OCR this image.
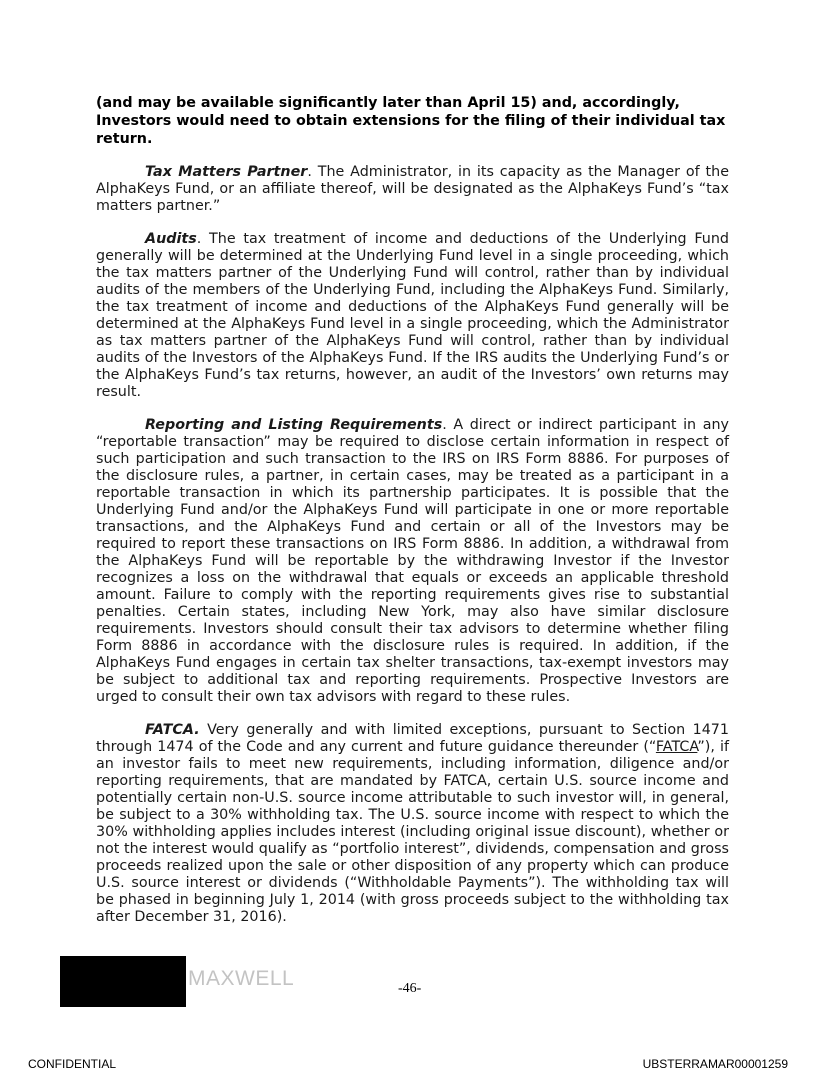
(and may be available significantly later than April 15) and, accordingly, Investors would need to obtain extensions for the filing of their individual tax return.

Tax Matters Partner. The Administrator, in its capacity as the Manager of the AlphaKeys Fund, or an affiliate thereof, will be designated as the AlphaKeys Fund’s “tax matters partner.”

Audits. The tax treatment of income and deductions of the Underlying Fund generally will be determined at the Underlying Fund level in a single proceeding, which the tax matters partner of the Underlying Fund will control, rather than by individual audits of the members of the Underlying Fund, including the AlphaKeys Fund. Similarly, the tax treatment of income and deductions of the AlphaKeys Fund generally will be determined at the AlphaKeys Fund level in a single proceeding, which the Administrator as tax matters partner of the AlphaKeys Fund will control, rather than by individual audits of the Investors of the AlphaKeys Fund. If the IRS audits the Underlying Fund’s or the AlphaKeys Fund’s tax returns, however, an audit of the Investors’ own returns may result.

Reporting and Listing Requirements. A direct or indirect participant in any “reportable transaction” may be required to disclose certain information in respect of such participation and such transaction to the IRS on IRS Form 8886. For purposes of the disclosure rules, a partner, in certain cases, may be treated as a participant in a reportable transaction in which its partnership participates. It is possible that the Underlying Fund and/or the AlphaKeys Fund will participate in one or more reportable transactions, and the AlphaKeys Fund and certain or all of the Investors may be required to report these transactions on IRS Form 8886. In addition, a withdrawal from the AlphaKeys Fund will be reportable by the withdrawing Investor if the Investor recognizes a loss on the withdrawal that equals or exceeds an applicable threshold amount. Failure to comply with the reporting requirements gives rise to substantial penalties. Certain states, including New York, may also have similar disclosure requirements. Investors should consult their tax advisors to determine whether filing Form 8886 in accordance with the disclosure rules is required. In addition, if the AlphaKeys Fund engages in certain tax shelter transactions, tax-exempt investors may be subject to additional tax and reporting requirements. Prospective Investors are urged to consult their own tax advisors with regard to these rules.

FATCA. Very generally and with limited exceptions, pursuant to Section 1471 through 1474 of the Code and any current and future guidance thereunder (“FATCA”), if an investor fails to meet new requirements, including information, diligence and/or reporting requirements, that are mandated by FATCA, certain U.S. source income and potentially certain non-U.S. source income attributable to such investor will, in general, be subject to a 30% withholding tax. The U.S. source income with respect to which the 30% withholding applies includes interest (including original issue discount), whether or not the interest would qualify as “portfolio interest”, dividends, compensation and gross proceeds realized upon the sale or other disposition of any property which can produce U.S. source interest or dividends (“Withholdable Payments”). The withholding tax will be phased in beginning July 1, 2014 (with gross proceeds subject to the withholding tax after December 31, 2016).

MAXWELL	-46-
CONFIDENTIAL	UBSTERRAMAR00001259
